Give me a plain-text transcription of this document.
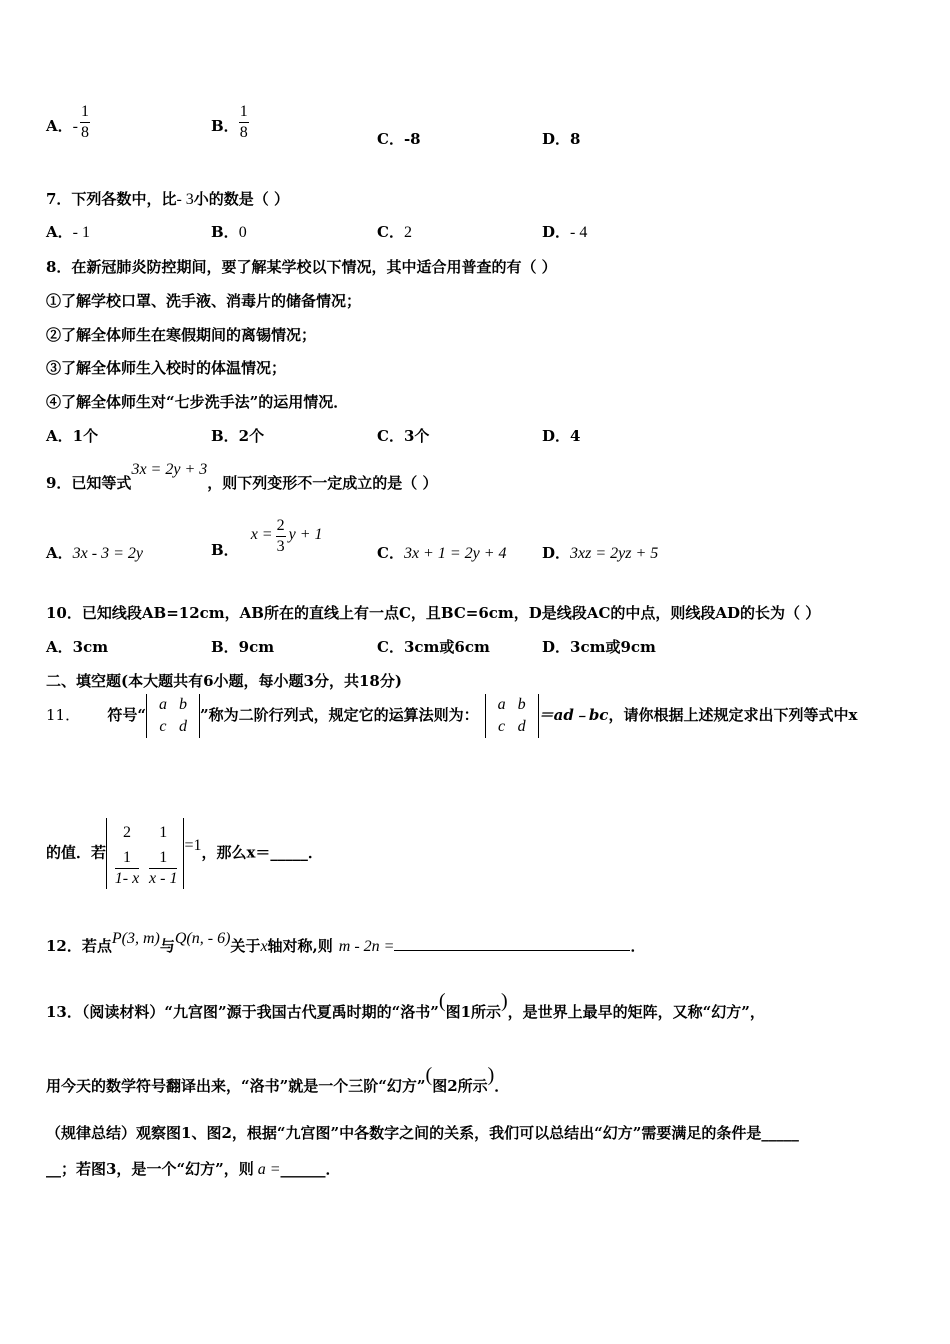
A．- $\frac{1}{8}$	B． $\frac{1}{8}$	C．-8	D．8
7．下列各数中，比- 3小的数是（ ）
A．- 1	B．0	C．2	D．- 4
8．在新冠肺炎防控期间，要了解某学校以下情况，其中适合用普查的有（ ）
①了解学校口罩、洗手液、消毒片的储备情况；
②了解全体师生在寒假期间的离锡情况；
③了解全体师生入校时的体温情况；
④了解全体师生对“七步洗手法”的运用情况．
A．1个	B．2个	C．3个	D．4
9．已知等式3x = 2y + 3，则下列变形不一定成立的是（ ）
A．3x - 3 = 2y	B．$x = \frac{2}{3}$ y + 1
C．3x + 1 = 2y + 4 D．3xz = 2yz + 5
10．已知线段AB=12cm，AB所在的直线上有一点C，且BC=6cm，D是线段AC的中点，则线段AD的长为（ ）
A．3cm	B．9cm	C．3cm或6cm	D．3cm或9cm
二、填空题(本大题共有6小题，每小题3分，共18分)
11． 符号“
a	b
c	d
”称为二阶行列式，规定它的运算法则为：
a	b
c	d
＝ad﹣bc，请你根据上述规定求出下列等式中x
的值．若
2	1

$\frac{1}{1- x}$	$\frac{1}{x - 1}$
=1，那么x＝_____．
12．若点P(3, m)与Q(n, - 6)关于x轴对称,则 m - 2n =	．
13．（阅读材料）“九宫图”源于我国古代夏禹时期的“洛书”(图1所示)，是世界上最早的矩阵，又称“幻方”，
用今天的数学符号翻译出来，“洛书”就是一个三阶“幻方”(图2所示)．
（规律总结）观察图1、图2，根据“九宫图”中各数字之间的关系，我们可以总结出“幻方”需要满足的条件是_____
__；若图3，是一个“幻方”，则 a =______．
